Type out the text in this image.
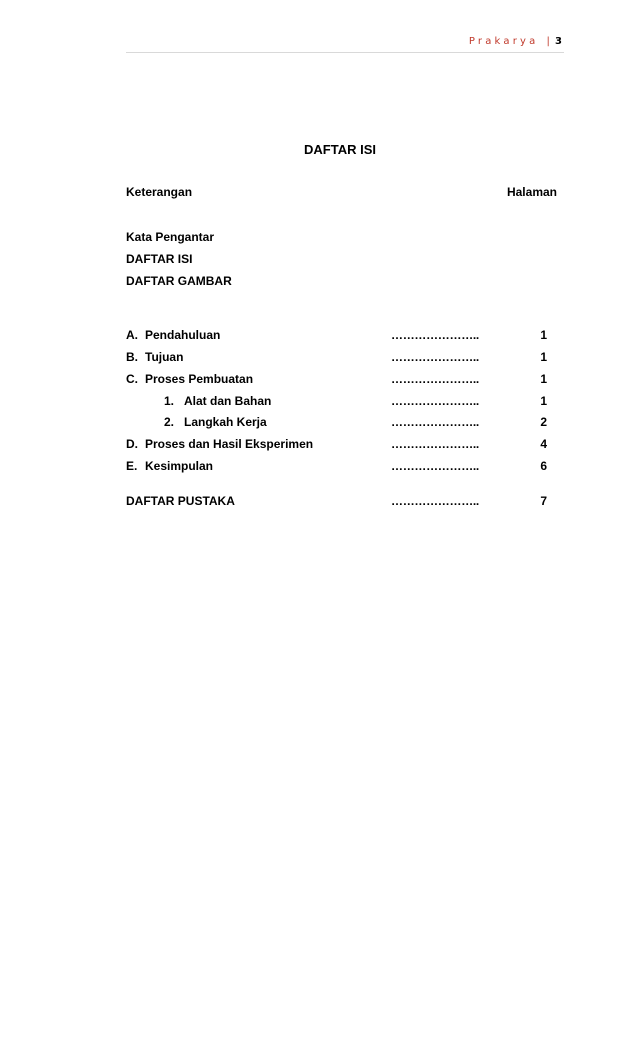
Prakarya | 3
DAFTAR ISI
Keterangan	Halaman
Kata Pengantar
DAFTAR ISI
DAFTAR GAMBAR
A. Pendahuluan	…………………..	1
B. Tujuan	…………………..	1
C. Proses Pembuatan	…………………..	1
1. Alat dan Bahan	…………………..	1
2. Langkah Kerja	…………………..	2
D. Proses dan Hasil Eksperimen	…………………..	4
E. Kesimpulan	…………………..	6
DAFTAR PUSTAKA	…………………..	7
